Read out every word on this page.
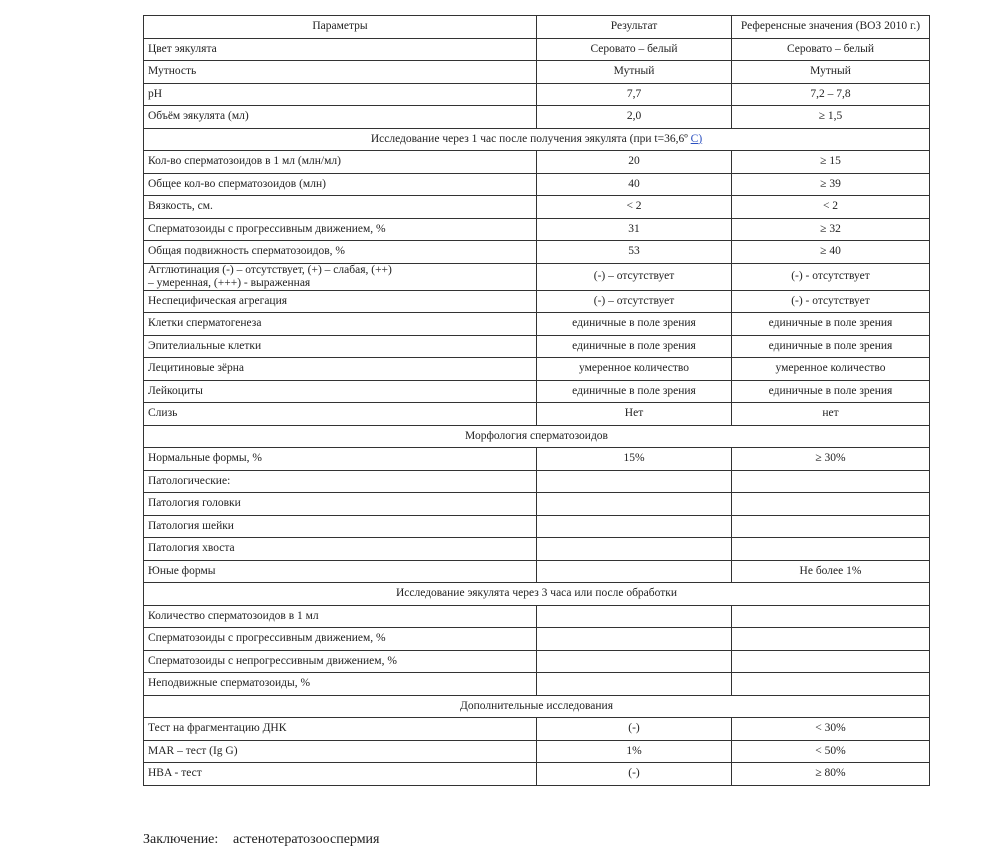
Параметры	Результат	Референсные значения (ВОЗ 2010 г.)
Цвет эякулята	Серовато – белый	Серовато – белый
Мутность	Мутный	Мутный
pH	7,7	7,2 – 7,8
Объём эякулята (мл)	2,0	≥ 1,5
Исследование через 1 час после получения эякулята (при t=36,6º С)		
Кол-во сперматозоидов в 1 мл (млн/мл)	20	≥ 15
Общее кол-во сперматозоидов (млн)	40	≥ 39
Вязкость, см.	< 2	< 2
Сперматозоиды с прогрессивным движением, %	31	≥ 32
Общая подвижность сперматозоидов, %	53	≥ 40

Агглютинация (-) – отсутствует, (+) – слабая, (++)
– умеренная, (+++) - выраженная	(-) – отсутствует	(-) - отсутствует
Неспецифическая агрегация	(-) – отсутствует	(-) - отсутствует
Клетки сперматогенеза	единичные в поле зрения	единичные в поле зрения
Эпителиальные клетки	единичные в поле зрения	единичные в поле зрения
Лецитиновые зёрна	умеренное количество	умеренное количество
Лейкоциты	единичные в поле зрения	единичные в поле зрения
Слизь	Нет	нет
Морфология сперматозоидов		
Нормальные формы, %	15%	≥ 30%
Патологические:		
Патология головки		
Патология шейки		
Патология хвоста		
Юные формы		Не более 1%
Исследование эякулята через 3 часа или после обработки		
Количество сперматозоидов в 1 мл		
Сперматозоиды с прогрессивным движением, %		
Сперматозоиды с непрогрессивным движением, %		
Неподвижные сперматозоиды, %		
Дополнительные исследования		
Тест на фрагментацию ДНК	(-)	< 30%
MAR – тест (Ig G)	1%	< 50%
HBA - тест	(-)	≥ 80%
Заключение: астенотератозооспермия
